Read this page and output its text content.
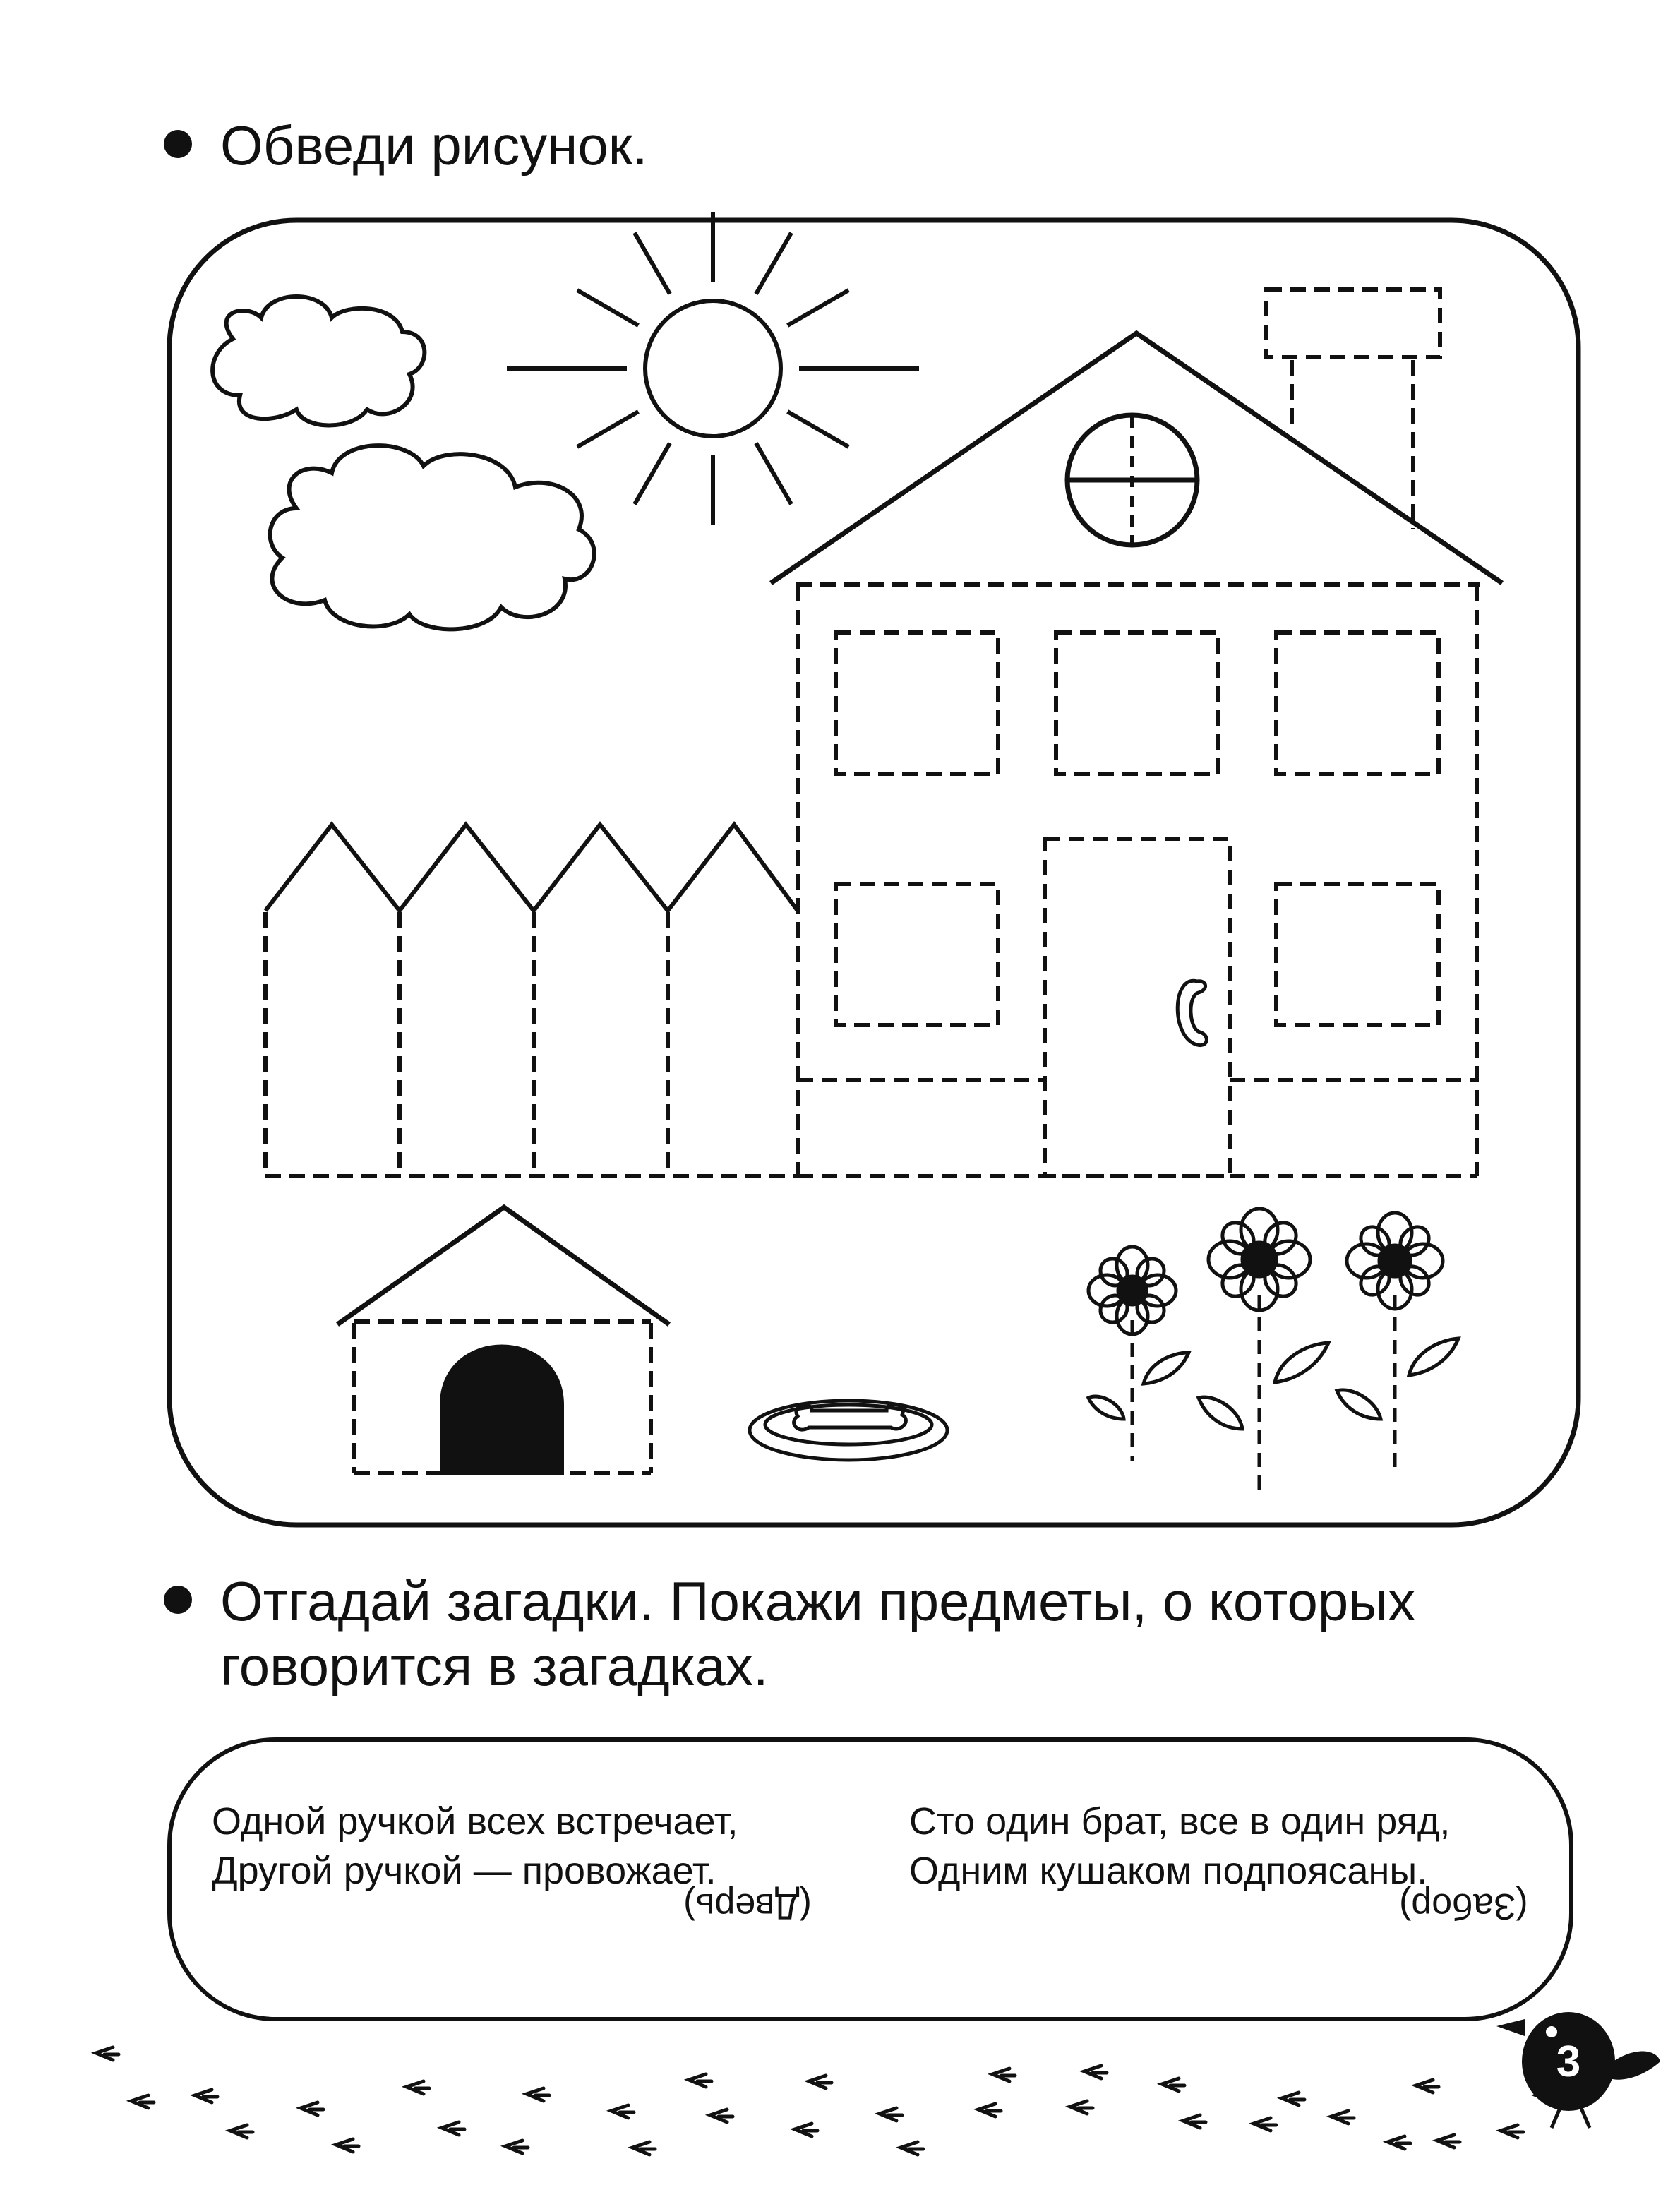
Обведи рисунок.
Отгадай загадки. Покажи предметы, о которых
говорится в загадках.
Одной ручкой всех встречает,
Другой ручкой — провожает.
(Дверь)
Сто один брат, все в один ряд,
Одним кушаком подпоясаны.
(Забор)
3
